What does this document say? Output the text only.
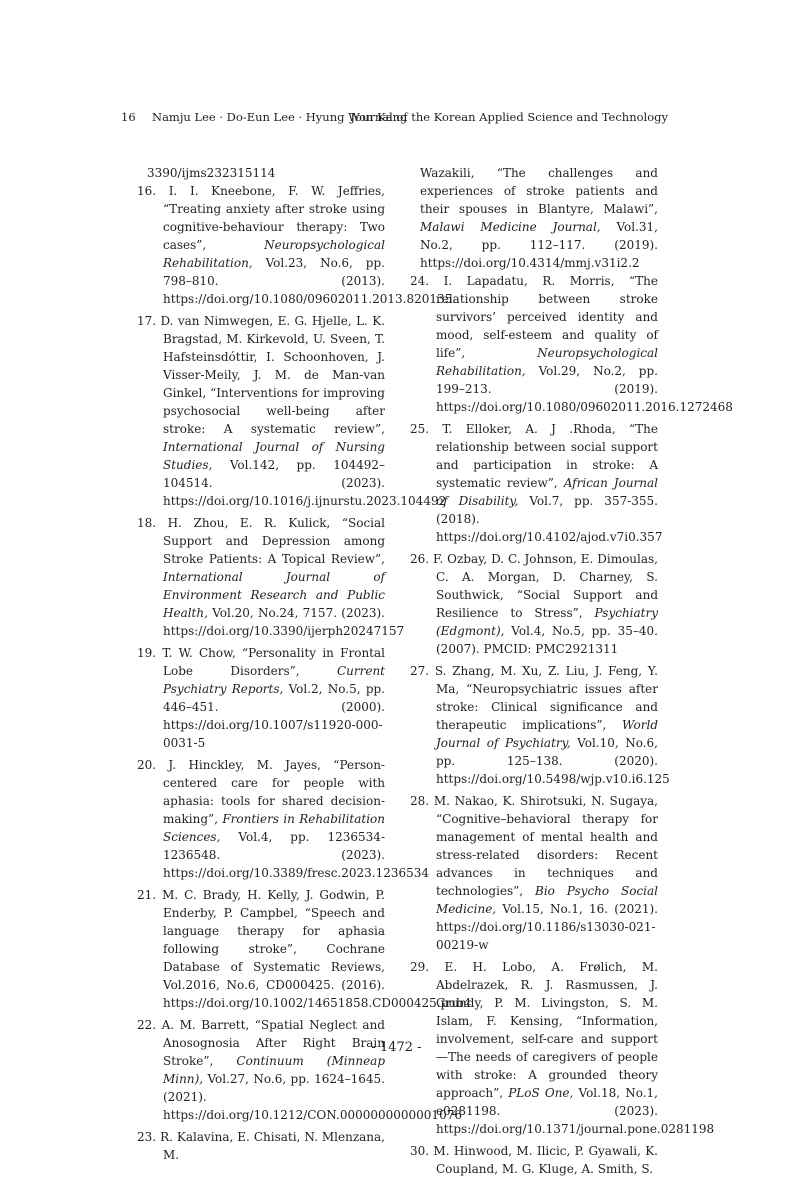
16 Namju Lee · Do-Eun Lee · Hyung Won Kang
Journal of the Korean Applied Science and Technology

3390/ijms232315114

16. I. I. Kneebone, F. W. Jeffries, “Treating anxiety after stroke using cognitive-behaviour therapy: Two cases”, Neuropsychological Rehabilitation, Vol.23, No.6, pp. 798–810. (2013). https://doi.org/10.1080/09602011.2013.820135.

17. D. van Nimwegen, E. G. Hjelle, L. K. Bragstad, M. Kirkevold, U. Sveen, T. Hafsteinsdóttir, I. Schoonhoven, J. Visser-Meily, J. M. de Man-van Ginkel, “Interventions for improving psychosocial well-being after stroke: A systematic review”, International Journal of Nursing Studies, Vol.142, pp. 104492–104514. (2023). https://doi.org/10.1016/j.ijnurstu.2023.104492

18. H. Zhou, E. R. Kulick, “Social Support and Depression among Stroke Patients: A Topical Review”, International Journal of Environment Research and Public Health, Vol.20, No.24, 7157. (2023). https://doi.org/10.3390/ijerph20247157

19. T. W. Chow, “Personality in Frontal Lobe Disorders”, Current Psychiatry Reports, Vol.2, No.5, pp. 446–451. (2000). https://doi.org/10.1007/s11920-000-0031-5

20. J. Hinckley, M. Jayes, “Person-centered care for people with aphasia: tools for shared decision-making”, Frontiers in Rehabilitation Sciences, Vol.4, pp. 1236534-1236548. (2023). https://doi.org/10.3389/fresc.2023.1236534

21. M. C. Brady, H. Kelly, J. Godwin, P. Enderby, P. Campbel, “Speech and language therapy for aphasia following stroke”, Cochrane Database of Systematic Reviews, Vol.2016, No.6, CD000425. (2016). https://doi.org/10.1002/14651858.CD000425.pub4

22. A. M. Barrett, “Spatial Neglect and Anosognosia After Right Brain Stroke”, Continuum (Minneap Minn), Vol.27, No.6, pp. 1624–1645. (2021). https://doi.org/10.1212/CON.0000000000001076

23. R. Kalavina, E. Chisati, N. Mlenzana, M.

Wazakili, “The challenges and experiences of stroke patients and their spouses in Blantyre, Malawi”, Malawi Medicine Journal, Vol.31, No.2, pp. 112–117. (2019). https://doi.org/10.4314/mmj.v31i2.2

24. I. Lapadatu, R. Morris, “The relationship between stroke survivors’ perceived identity and mood, self-esteem and quality of life”, Neuropsychological Rehabilitation, Vol.29, No.2, pp. 199–213. (2019). https://doi.org/10.1080/09602011.2016.1272468

25. T. Elloker, A. J .Rhoda, “The relationship between social support and participation in stroke: A systematic review”, African Journal of Disability, Vol.7, pp. 357-355. (2018). https://doi.org/10.4102/ajod.v7i0.357

26. F. Ozbay, D. C. Johnson, E. Dimoulas, C. A. Morgan, D. Charney, S. Southwick, “Social Support and Resilience to Stress”, Psychiatry (Edgmont), Vol.4, No.5, pp. 35–40. (2007). PMCID: PMC2921311

27. S. Zhang, M. Xu, Z. Liu, J. Feng, Y. Ma, “Neuropsychiatric issues after stroke: Clinical significance and therapeutic implications”, World Journal of Psychiatry, Vol.10, No.6, pp. 125–138. (2020). https://doi.org/10.5498/wjp.v10.i6.125

28. M. Nakao, K. Shirotsuki, N. Sugaya, “Cognitive–behavioral therapy for management of mental health and stress-related disorders: Recent advances in techniques and technologies”, Bio Psycho Social Medicine, Vol.15, No.1, 16. (2021). https://doi.org/10.1186/s13030-021-00219-w

29. E. H. Lobo, A. Frølich, M. Abdelrazek, R. J. Rasmussen, J. Grundy, P. M. Livingston, S. M. Islam, F. Kensing, “Information, involvement, self-care and support—The needs of caregivers of people with stroke: A grounded theory approach”, PLoS One, Vol.18, No.1, e0281198. (2023). https://doi.org/10.1371/journal.pone.0281198

30. M. Hinwood, M. Ilicic, P. Gyawali, K. Coupland, M. G. Kluge, A. Smith, S.

- 1472 -
